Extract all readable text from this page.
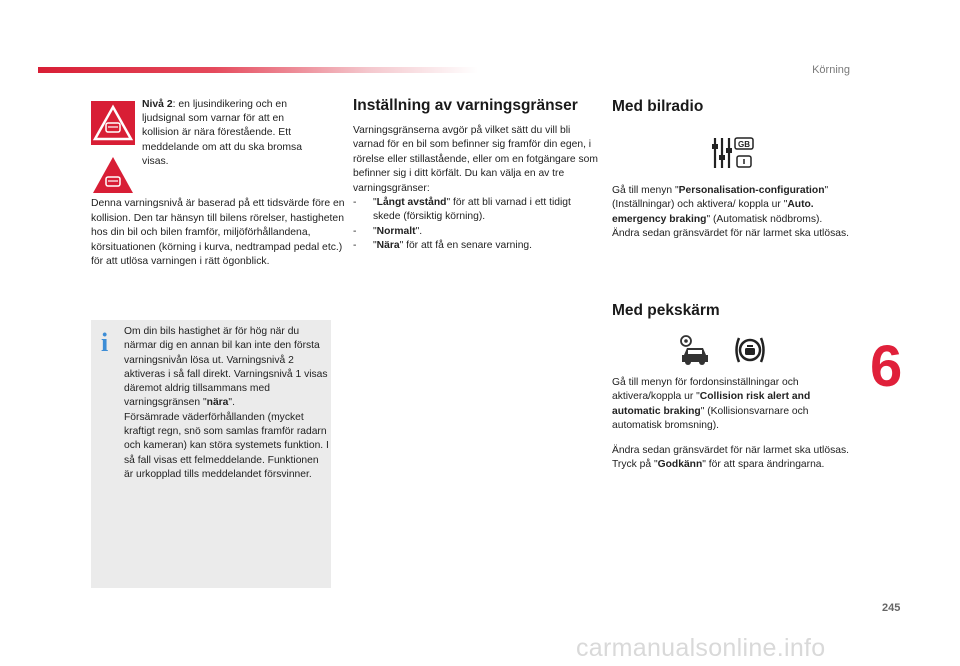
Körning
Nivå 2: en ljusindikering och en ljudsignal som varnar för att en kollision är nära förestående. Ett meddelande om att du ska bromsa visas.
Denna varningsnivå är baserad på ett tidsvärde före en kollision. Den tar hänsyn till bilens rörelser, hastigheten hos din bil och bilen framför, miljöförhållandena, körsituationen (körning i kurva, nedtrampad pedal etc.) för att utlösa varningen i rätt ögonblick.
i Om din bils hastighet är för hög när du närmar dig en annan bil kan inte den första varningsnivån lösa ut. Varningsnivå 2 aktiveras i så fall direkt. Varningsnivå 1 visas däremot aldrig tillsammans med varningsgränsen "nära".

Försämrade väderförhållanden (mycket kraftigt regn, snö som samlas framför radarn och kameran) kan störa systemets funktion. I så fall visas ett felmeddelande. Funktionen är urkopplad tills meddelandet försvinner.

Inställning av varningsgränser
Varningsgränserna avgör på vilket sätt du vill bli varnad för en bil som befinner sig framför din egen, i rörelse eller stillastående, eller om en fotgängare som befinner sig i ditt körfält. Du kan välja en av tre varningsgränser:
- "Långt avstånd" för att bli varnad i ett tidigt skede (försiktig körning).
- "Normalt".
- "Nära" för att få en senare varning.
Med bilradio
GB
Gå till menyn "Personalisation-configuration" (Inställningar) och aktivera/ koppla ur "Auto. emergency braking" (Automatisk nödbroms). Ändra sedan gränsvärdet för när larmet ska utlösas.
Med pekskärm
Gå till menyn för fordonsinställningar och aktivera/koppla ur "Collision risk alert and automatic braking" (Kollisionsvarnare och automatisk bromsning).
Ändra sedan gränsvärdet för när larmet ska utlösas. Tryck på "Godkänn" för att spara ändringarna.
6
245
carmanualsonline.info
